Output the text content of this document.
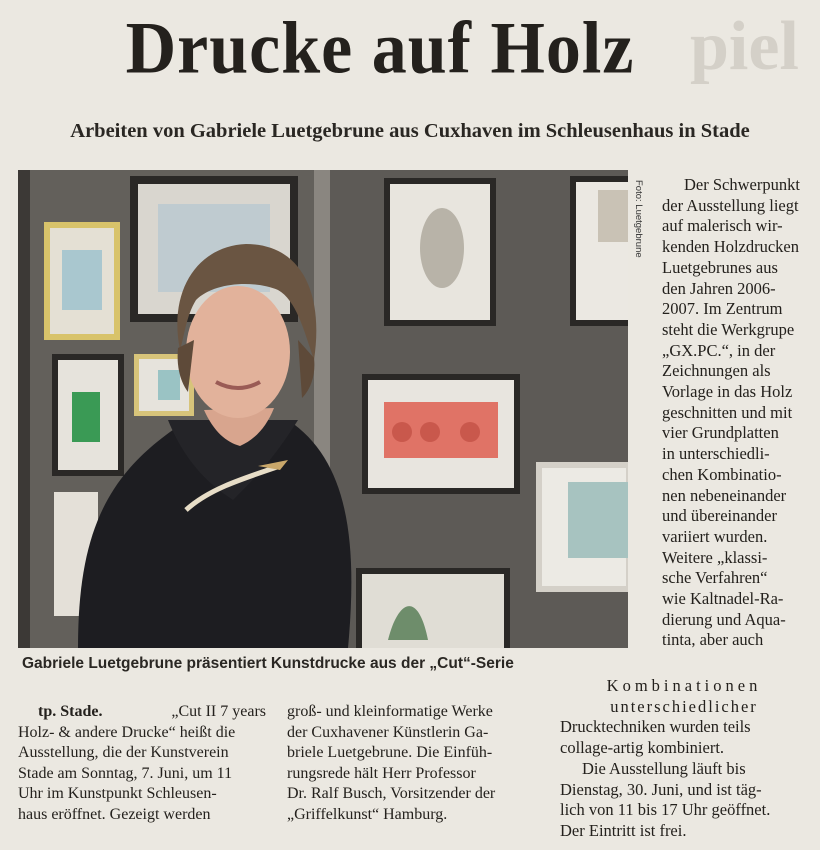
piel
Drucke auf Holz
Arbeiten von Gabriele Luetgebrune aus Cuxhaven im Schleusenhaus in Stade
Foto: Luetgebrune
Gabriele Luetgebrune präsentiert Kunstdrucke aus der „Cut“-Serie
Der Schwerpunkt
der Ausstellung liegt
auf malerisch wir-
kenden Holzdrucken
Luetgebrunes aus
den Jahren 2006-
2007. Im Zentrum
steht die Werkgrupe
„GX.PC.“, in der
Zeichnungen als
Vorlage in das Holz
geschnitten und mit
vier Grundplatten
in unterschiedli-
chen Kombinatio-
nen nebeneinander
und übereinander
variiert wurden.
Weitere „klassi-
sche Verfahren“
wie Kaltnadel-Ra-
dierung und Aqua-
tinta, aber auch
Kombinationen
unterschiedlicher
Drucktechniken wurden teils
collage-artig kombiniert.
Die Ausstellung läuft bis
Dienstag, 30. Juni, und ist täg-
lich von 11 bis 17 Uhr geöffnet.
Der Eintritt ist frei.
tp. Stade.	„Cut II 7 years
Holz- & andere Drucke“ heißt die
Ausstellung, die der Kunstverein
Stade am Sonntag, 7. Juni, um 11
Uhr im Kunstpunkt Schleusen-
haus eröffnet. Gezeigt werden
groß- und kleinformatige Werke
der Cuxhavener Künstlerin Ga-
briele Luetgebrune. Die Einfüh-
rungsrede hält Herr Professor
Dr. Ralf Busch, Vorsitzender der
„Griffelkunst“ Hamburg.
